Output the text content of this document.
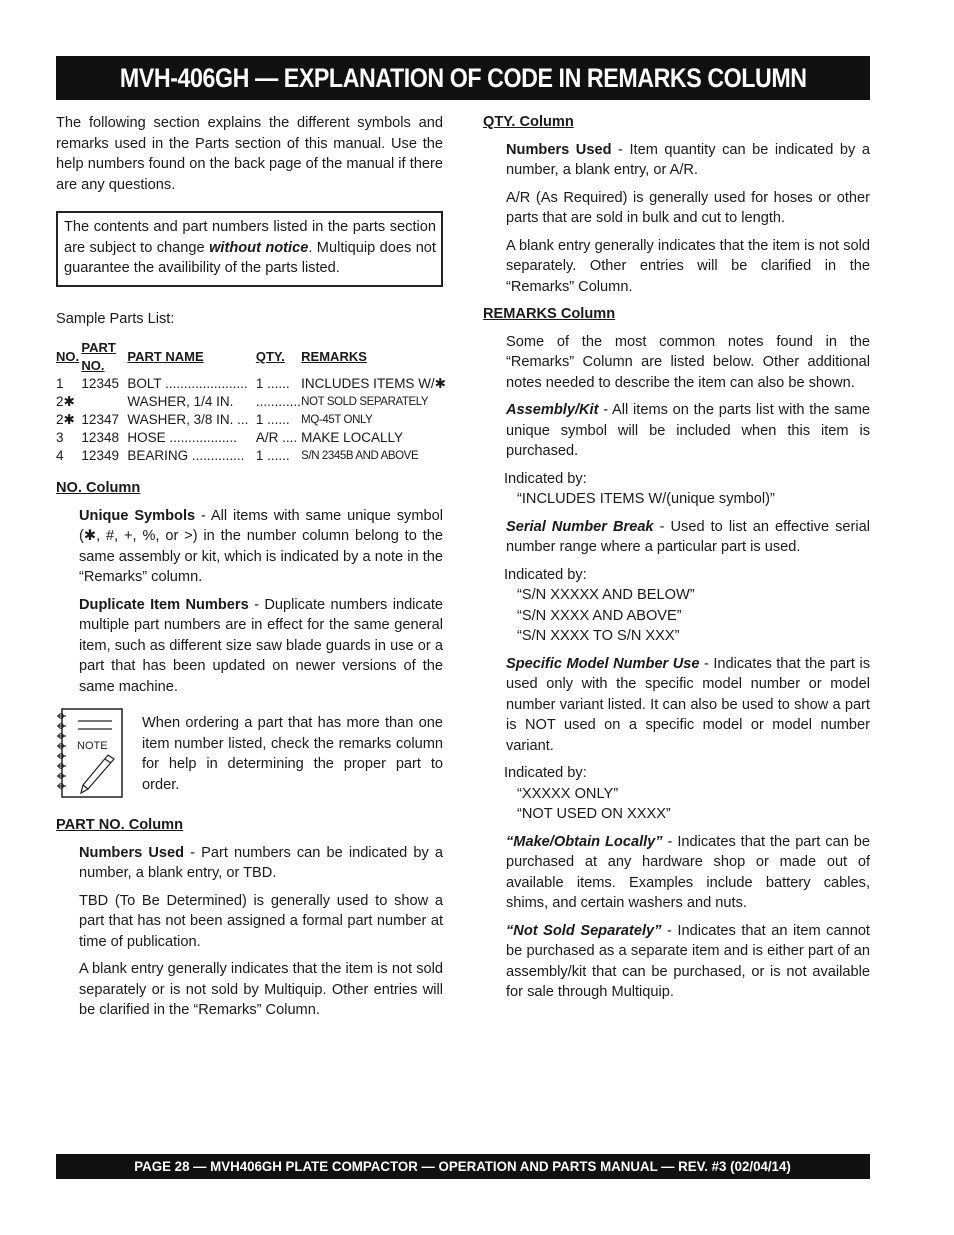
MVH-406GH — EXPLANATION OF CODE IN REMARKS COLUMN

The following section explains the different symbols and remarks used in the Parts section of this manual. Use the help numbers found on the back page of the manual if there are any questions.

The contents and part numbers listed in the parts section are subject to change without notice. Multiquip does not guarantee the availibility of the parts listed.

Sample Parts List:

NO.	PART NO.	PART NAME	QTY.	REMARKS
1	12345	BOLT ......................	1 ......	INCLUDES ITEMS W/✱
2✱		WASHER, 1/4 IN.	............	NOT SOLD SEPARATELY
2✱	12347	WASHER, 3/8 IN. ...	1 ......	MQ-45T ONLY
3	12348	HOSE ..................	A/R ....	MAKE LOCALLY
4	12349	BEARING ..............	1 ......	S/N 2345B AND ABOVE
NO. Column

Unique Symbols - All items with same unique symbol (✱, #, +, %, or >) in the number column belong to the same assembly or kit, which is indicated by a note in the “Remarks” column.

Duplicate Item Numbers - Duplicate numbers indicate multiple part numbers are in effect for the same general item, such as different size saw blade guards in use or a part that has been updated on newer versions of the same machine.

NOTE
When ordering a part that has more than one item number listed, check the remarks column for help in determining the proper part to order.
PART NO. Column

Numbers Used - Part numbers can be indicated by a number, a blank entry, or TBD.

TBD (To Be Determined) is generally used to show a part that has not been assigned a formal part number at time of publication.

A blank entry generally indicates that the item is not sold separately or is not sold by Multiquip. Other entries will be clarified in the “Remarks” Column.

QTY. Column

Numbers Used - Item quantity can be indicated by a number, a blank entry, or A/R.

A/R (As Required) is generally used for hoses or other parts that are sold in bulk and cut to length.

A blank entry generally indicates that the item is not sold separately. Other entries will be clarified in the “Remarks” Column.

REMARKS Column

Some of the most common notes found in the “Remarks” Column are listed below. Other additional notes needed to describe the item can also be shown.

Assembly/Kit - All items on the parts list with the same unique symbol will be included when this item is purchased.

Indicated by:

“INCLUDES ITEMS W/(unique symbol)”

Serial Number Break - Used to list an effective serial number range where a particular part is used.

Indicated by:
“S/N XXXXX AND BELOW”
“S/N XXXX AND ABOVE”

“S/N XXXX TO S/N XXX”

Specific Model Number Use - Indicates that the part is used only with the specific model number or model number variant listed. It can also be used to show a part is NOT used on a specific model or model number variant.

Indicated by:
“XXXXX ONLY”

“NOT USED ON XXXX”

“Make/Obtain Locally” - Indicates that the part can be purchased at any hardware shop or made out of available items. Examples include battery cables, shims, and certain washers and nuts.

“Not Sold Separately” - Indicates that an item cannot be purchased as a separate item and is either part of an assembly/kit that can be purchased, or is not available for sale through Multiquip.

PAGE 28 — MVH406GH PLATE COMPACTOR — OPERATION AND PARTS MANUAL — REV. #3 (02/04/14)
